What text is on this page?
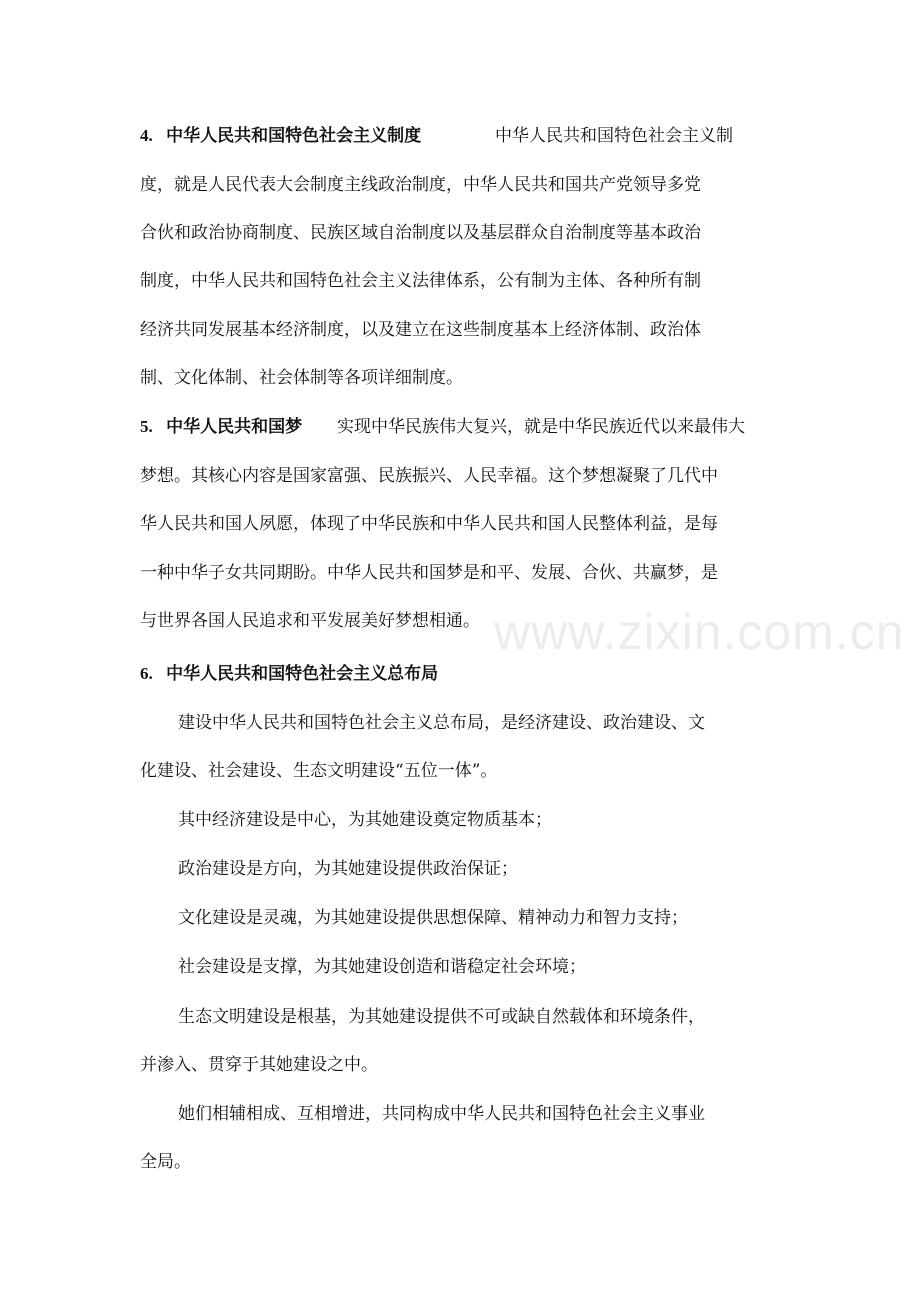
www.zixin.com.cn
4. 中华人民共和国特色社会主义制度	中华人民共和国特色社会主义制
度，就是人民代表大会制度主线政治制度，中华人民共和国共产党领导多党
合伙和政治协商制度、民族区域自治制度以及基层群众自治制度等基本政治
制度，中华人民共和国特色社会主义法律体系，公有制为主体、各种所有制
经济共同发展基本经济制度，以及建立在这些制度基本上经济体制、政治体
制、文化体制、社会体制等各项详细制度。
5. 中华人民共和国梦 实现中华民族伟大复兴，就是中华民族近代以来最伟大
梦想。其核心内容是国家富强、民族振兴、人民幸福。这个梦想凝聚了几代中
华人民共和国人夙愿，体现了中华民族和中华人民共和国人民整体利益，是每
一种中华子女共同期盼。中华人民共和国梦是和平、发展、合伙、共赢梦，是
与世界各国人民追求和平发展美好梦想相通。
6. 中华人民共和国特色社会主义总布局
建设中华人民共和国特色社会主义总布局，是经济建设、政治建设、文
化建设、社会建设、生态文明建设“五位一体”。
其中经济建设是中心，为其她建设奠定物质基本；
政治建设是方向，为其她建设提供政治保证；
文化建设是灵魂，为其她建设提供思想保障、精神动力和智力支持；
社会建设是支撑，为其她建设创造和谐稳定社会环境；
生态文明建设是根基，为其她建设提供不可或缺自然载体和环境条件，
并渗入、贯穿于其她建设之中。
她们相辅相成、互相增进，共同构成中华人民共和国特色社会主义事业
全局。
